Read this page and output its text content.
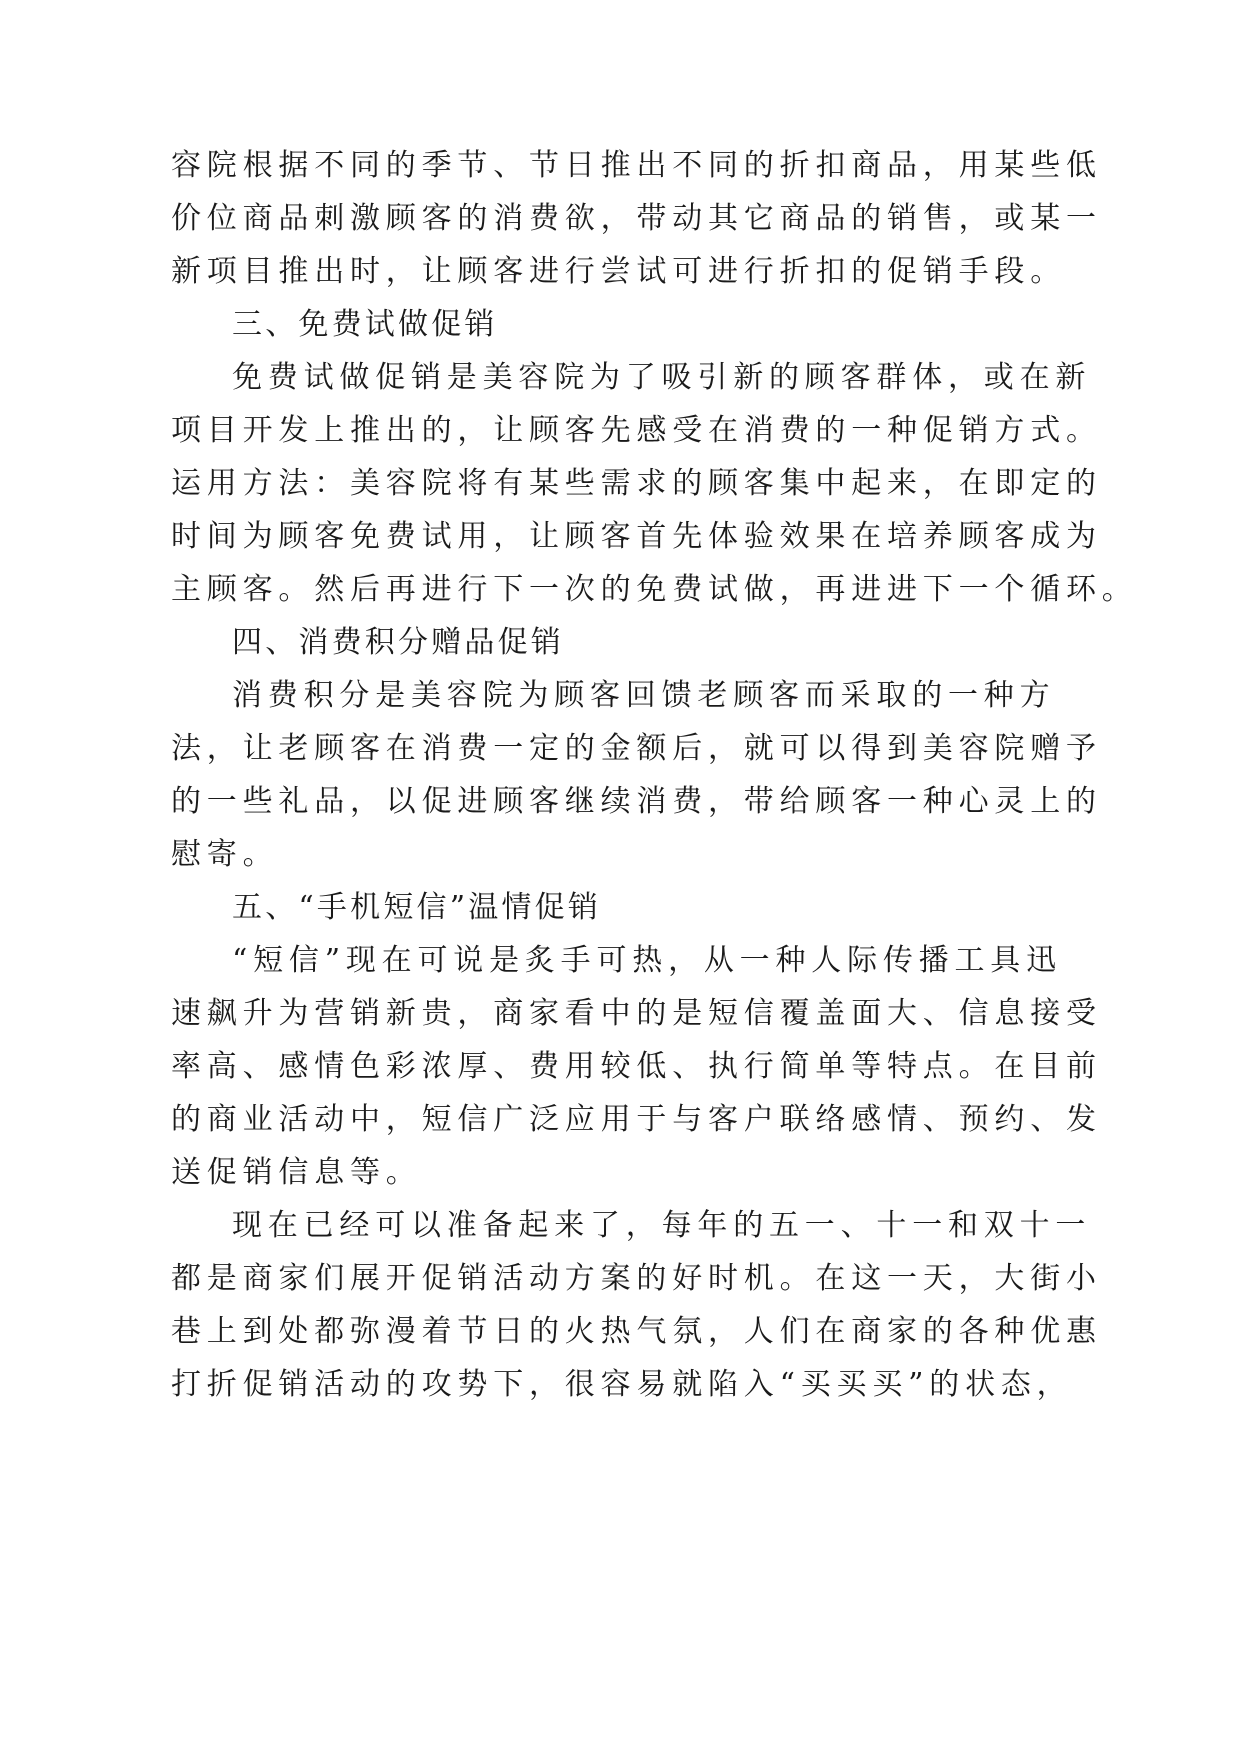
容院根据不同的季节、节日推出不同的折扣商品，用某些低
价位商品刺激顾客的消费欲，带动其它商品的销售，或某一
新项目推出时，让顾客进行尝试可进行折扣的促销手段。
三、免费试做促销
免费试做促销是美容院为了吸引新的顾客群体，或在新
项目开发上推出的，让顾客先感受在消费的一种促销方式。
运用方法：美容院将有某些需求的顾客集中起来，在即定的
时间为顾客免费试用，让顾客首先体验效果在培养顾客成为
主顾客。然后再进行下一次的免费试做，再进进下一个循环。
四、消费积分赠品促销
消费积分是美容院为顾客回馈老顾客而采取的一种方
法，让老顾客在消费一定的金额后，就可以得到美容院赠予
的一些礼品，以促进顾客继续消费，带给顾客一种心灵上的
慰寄。
五、“手机短信”温情促销
“短信”现在可说是炙手可热，从一种人际传播工具迅
速飙升为营销新贵，商家看中的是短信覆盖面大、信息接受
率高、感情色彩浓厚、费用较低、执行简单等特点。在目前
的商业活动中，短信广泛应用于与客户联络感情、预约、发
送促销信息等。
现在已经可以准备起来了，每年的五一、十一和双十一
都是商家们展开促销活动方案的好时机。在这一天，大街小
巷上到处都弥漫着节日的火热气氛，人们在商家的各种优惠
打折促销活动的攻势下，很容易就陷入“买买买”的状态，
